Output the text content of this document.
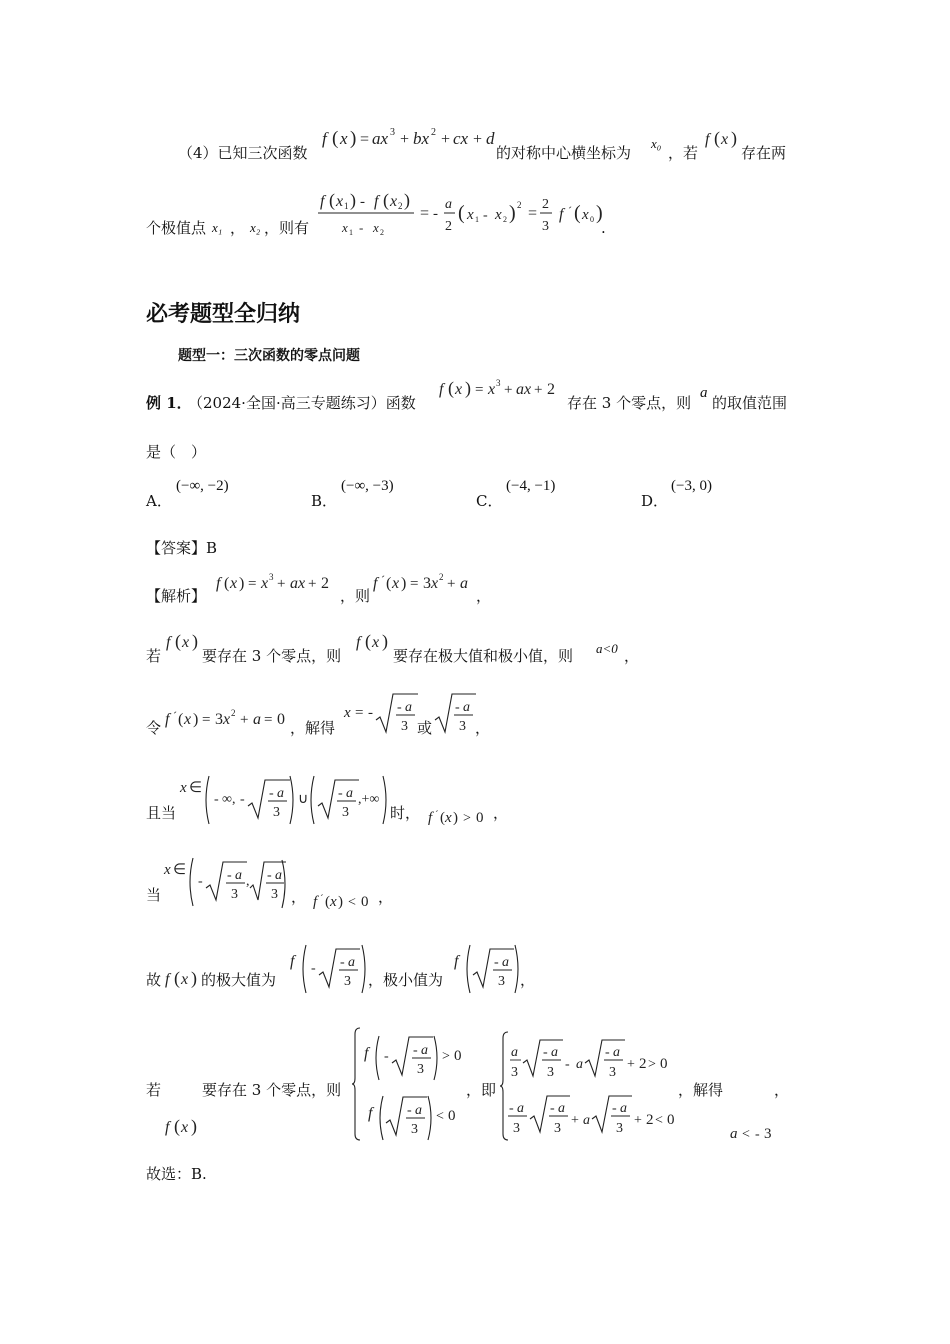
（4）已知三次函数
f ( x ) = ax 3 + bx 2 + cx + d
的对称中心横坐标为
x₀
，若
f ( x )
存在两
个极值点 x₁ ， x₂ ，则有
f ( x 1 ) - f ( x 2 )
x 1 - x 2
= -
a
2
( x 1 - x 2 ) 2 =
2
3
f ´ ( x 0 )
.
必考题型全归纳
题型一：三次函数的零点问题
例 1．
（2024·全国·高三专题练习）函数
f ( x ) = x 3 + ax + 2
存在 3 个零点，则
a
的取值范围
是（　）
A．
(−∞, −2)
B．
(−∞, −3)
C．
(−4, −1)
D．
(−3, 0)
【答案】B
【解析】
f ( x ) = x 3 + ax + 2
，则
f ´ ( x ) = 3 x 2 + a
，
若
f ( x )
要存在 3 个零点，则
f ( x )
要存在极大值和极小值，则 a<0 ，
令 f ´ ( x ) = 3 x 2 + a = 0 ，解得
x = - - a
3 或
- a
3 ，
且当
x ∈
- ∞, - - a
3
∪ - a
3
,+∞
时， f ´ ( x ) > 0 ，
当
x ∈
- - a
3
, - a
3 ， f ´ ( x ) < 0 ，
故 f ( x ) 的极大值为
f - - a
3 ，极小值为
f	- a
3 ，
若
f ( x )
要存在 3 个零点，则
f - - a
3
> 0
f - a
3
< 0
，即
a
3
- a
3
- a
- a
3
+ 2 > 0
- a
3
- a
3
+ a
- a
3
+ 2 < 0
，解得
a < - 3
，
故选：B.
